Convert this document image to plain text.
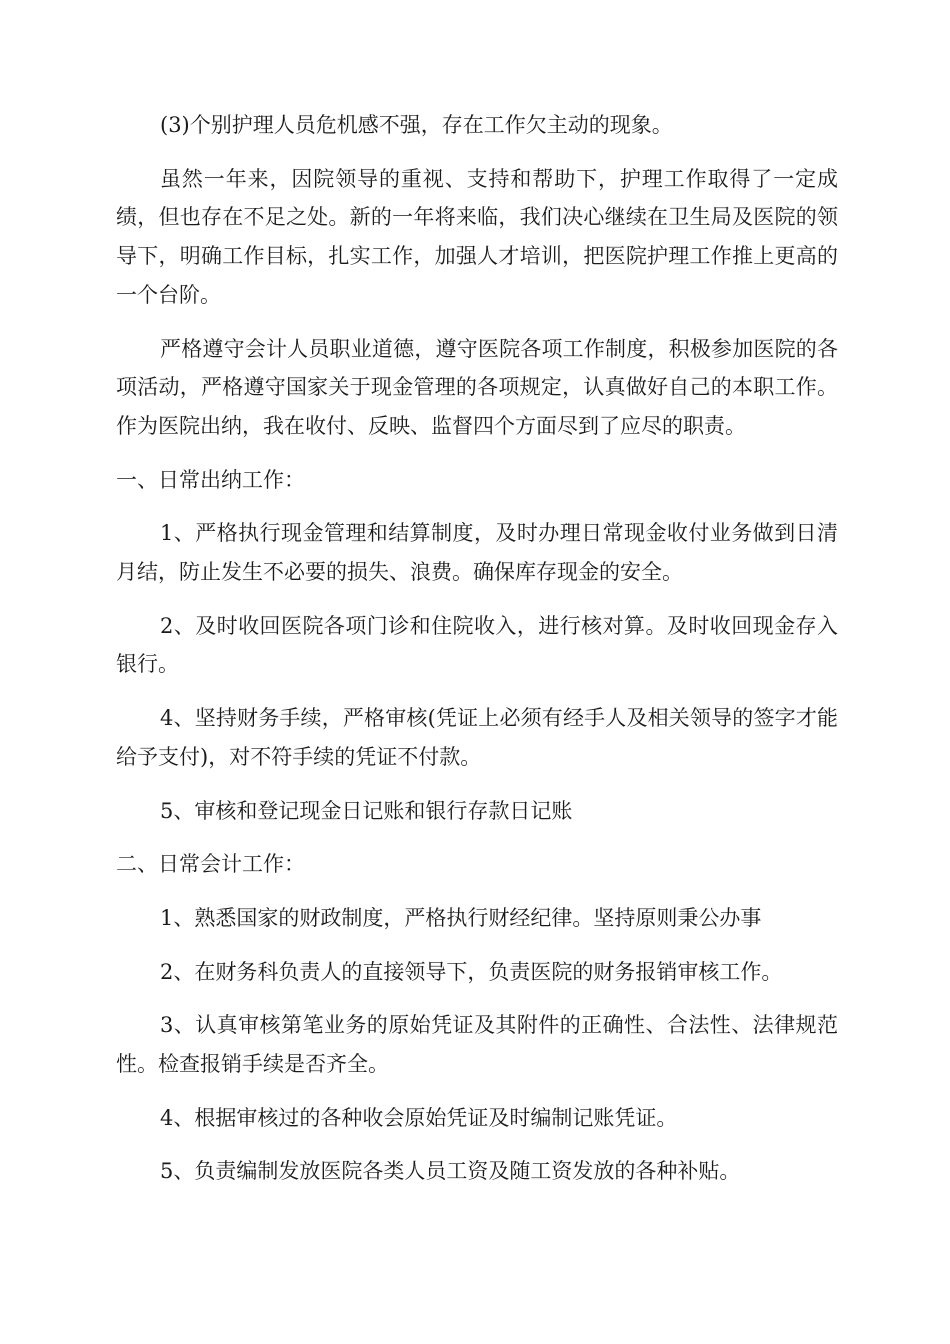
(3)个别护理人员危机感不强，存在工作欠主动的现象。

虽然一年来，因院领导的重视、支持和帮助下，护理工作取得了一定成绩，但也存在不足之处。新的一年将来临，我们决心继续在卫生局及医院的领导下，明确工作目标，扎实工作，加强人才培训，把医院护理工作推上更高的一个台阶。

严格遵守会计人员职业道德，遵守医院各项工作制度，积极参加医院的各项活动，严格遵守国家关于现金管理的各项规定，认真做好自己的本职工作。作为医院出纳，我在收付、反映、监督四个方面尽到了应尽的职责。

一、日常出纳工作：

1、严格执行现金管理和结算制度，及时办理日常现金收付业务做到日清月结，防止发生不必要的损失、浪费。确保库存现金的安全。

2、及时收回医院各项门诊和住院收入，进行核对算。及时收回现金存入银行。

4、坚持财务手续，严格审核(凭证上必须有经手人及相关领导的签字才能给予支付)，对不符手续的凭证不付款。

5、审核和登记现金日记账和银行存款日记账

二、日常会计工作：

1、熟悉国家的财政制度，严格执行财经纪律。坚持原则秉公办事

2、在财务科负责人的直接领导下，负责医院的财务报销审核工作。

3、认真审核第笔业务的原始凭证及其附件的正确性、合法性、法律规范性。检查报销手续是否齐全。

4、根据审核过的各种收会原始凭证及时编制记账凭证。

5、负责编制发放医院各类人员工资及随工资发放的各种补贴。
